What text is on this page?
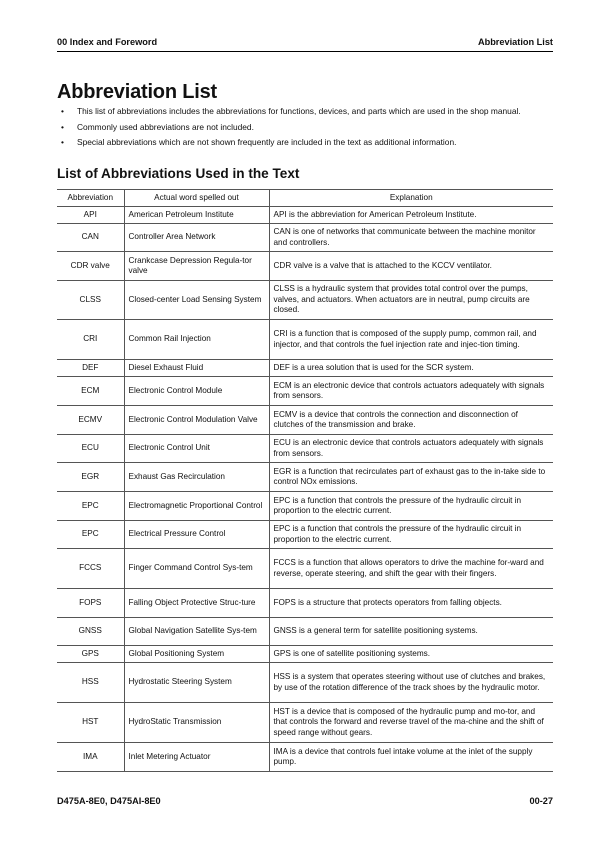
00 Index and Foreword	Abbreviation List
Abbreviation List
• This list of abbreviations includes the abbreviations for functions, devices, and parts which are used in the shop manual.
• Commonly used abbreviations are not included.
• Special abbreviations which are not shown frequently are included in the text as additional information.
List of Abbreviations Used in the Text
Abbreviation	Actual word spelled out	Explanation
API	American Petroleum Institute	API is the abbreviation for American Petroleum Institute.
CAN	Controller Area Network	CAN is one of networks that communicate between the machine monitor and controllers.
CDR valve	Crankcase Depression Regula-tor valve	CDR valve is a valve that is attached to the KCCV ventilator.
CLSS	Closed-center Load Sensing System	CLSS is a hydraulic system that provides total control over the pumps, valves, and actuators. When actuators are in neutral, pump circuits are closed.
CRI	Common Rail Injection	CRI is a function that is composed of the supply pump, common rail, and injector, and that controls the fuel injection rate and injec-tion timing.
DEF	Diesel Exhaust Fluid	DEF is a urea solution that is used for the SCR system.
ECM	Electronic Control Module	ECM is an electronic device that controls actuators adequately with signals from sensors.
ECMV	Electronic Control Modulation Valve	ECMV is a device that controls the connection and disconnection of clutches of the transmission and brake.
ECU	Electronic Control Unit	ECU is an electronic device that controls actuators adequately with signals from sensors.
EGR	Exhaust Gas Recirculation	EGR is a function that recirculates part of exhaust gas to the in-take side to control NOx emissions.
EPC	Electromagnetic Proportional Control	EPC is a function that controls the pressure of the hydraulic circuit in proportion to the electric current.
EPC	Electrical Pressure Control	EPC is a function that controls the pressure of the hydraulic circuit in proportion to the electric current.
FCCS	Finger Command Control Sys-tem	FCCS is a function that allows operators to drive the machine for-ward and reverse, operate steering, and shift the gear with their fingers.
FOPS	Falling Object Protective Struc-ture	FOPS is a structure that protects operators from falling objects.
GNSS	Global Navigation Satellite Sys-tem	GNSS is a general term for satellite positioning systems.
GPS	Global Positioning System	GPS is one of satellite positioning systems.
HSS	Hydrostatic Steering System	HSS is a system that operates steering without use of clutches and brakes, by use of the rotation difference of the track shoes by the hydraulic motor.
HST	HydroStatic Transmission	HST is a device that is composed of the hydraulic pump and mo-tor, and that controls the forward and reverse travel of the ma-chine and the shift of speed range without gears.
IMA	Inlet Metering Actuator	IMA is a device that controls fuel intake volume at the inlet of the supply pump.
D475A-8E0, D475AI-8E0	00-27
